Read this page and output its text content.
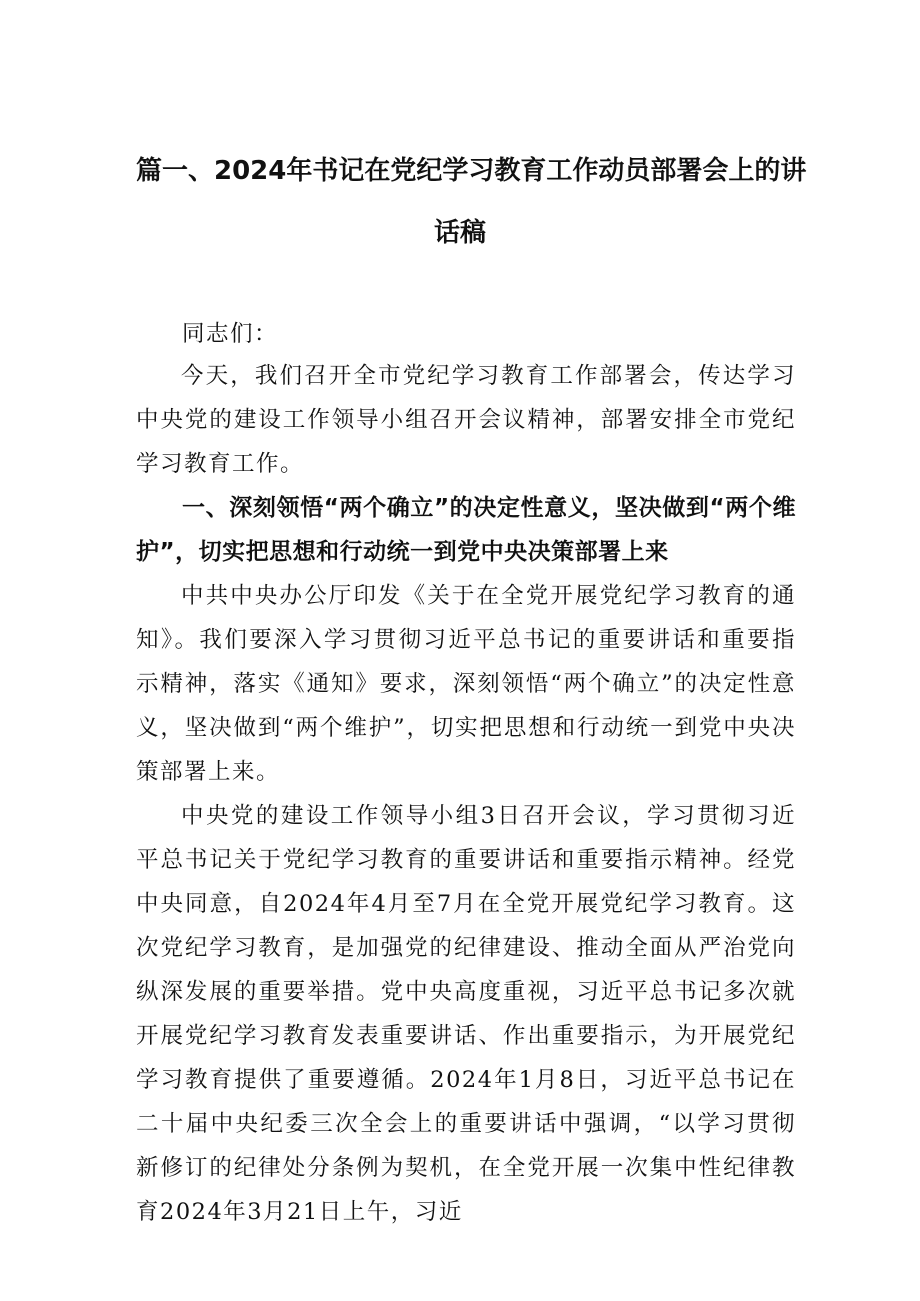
篇一、2024年书记在党纪学习教育工作动员部署会上的讲
话稿
同志们：

今天，我们召开全市党纪学习教育工作部署会，传达学习中央党的建设工作领导小组召开会议精神，部署安排全市党纪学习教育工作。

一、深刻领悟“两个确立”的决定性意义，坚决做到“两个维护”，切实把思想和行动统一到党中央决策部署上来

中共中央办公厅印发《关于在全党开展党纪学习教育的通知》。我们要深入学习贯彻习近平总书记的重要讲话和重要指示精神，落实《通知》要求，深刻领悟“两个确立”的决定性意义，坚决做到“两个维护”，切实把思想和行动统一到党中央决策部署上来。

中央党的建设工作领导小组3日召开会议，学习贯彻习近平总书记关于党纪学习教育的重要讲话和重要指示精神。经党中央同意，自2024年4月至7月在全党开展党纪学习教育。这次党纪学习教育，是加强党的纪律建设、推动全面从严治党向纵深发展的重要举措。党中央高度重视，习近平总书记多次就开展党纪学习教育发表重要讲话、作出重要指示，为开展党纪学习教育提供了重要遵循。2024年1月8日，习近平总书记在二十届中央纪委三次全会上的重要讲话中强调，“以学习贯彻新修订的纪律处分条例为契机，在全党开展一次集中性纪律教育2024年3月21日上午，习近
